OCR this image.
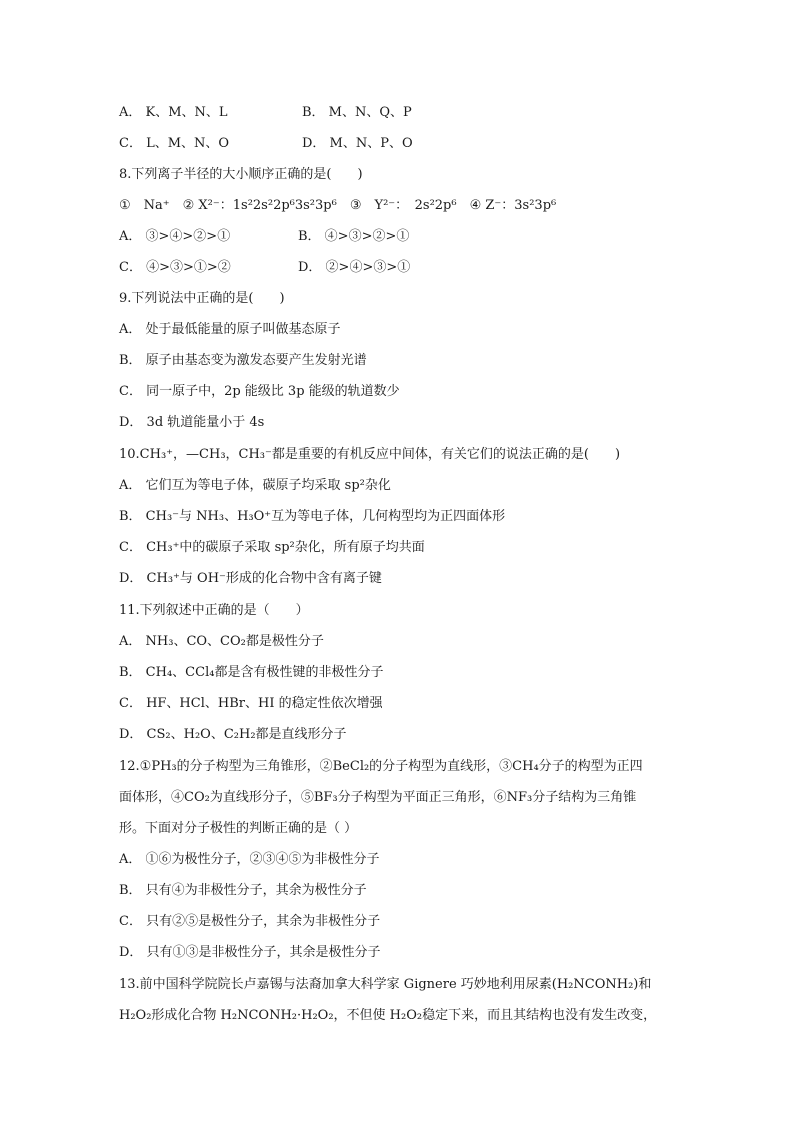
A． K、M、N、L	B． M、N、Q、P
C． L、M、N、O	D． M、N、P、O
8.下列离子半径的大小顺序正确的是(　　)
①　Na⁺　② X²⁻：1s²2s²2p⁶3s²3p⁶　③　Y²⁻：　2s²2p⁶　④ Z⁻：3s²3p⁶
A． ③>④>②>①	B． ④>③>②>①
C． ④>③>①>②	D． ②>④>③>①
9.下列说法中正确的是(　　)
A． 处于最低能量的原子叫做基态原子
B． 原子由基态变为激发态要产生发射光谱
C． 同一原子中，2p 能级比 3p 能级的轨道数少
D． 3d 轨道能量小于 4s
10.CH₃⁺，—CH₃，CH₃⁻都是重要的有机反应中间体，有关它们的说法正确的是(　　)
A． 它们互为等电子体，碳原子均采取 sp²杂化
B． CH₃⁻与 NH₃、H₃O⁺互为等电子体，几何构型均为正四面体形
C． CH₃⁺中的碳原子采取 sp²杂化，所有原子均共面
D． CH₃⁺与 OH⁻形成的化合物中含有离子键
11.下列叙述中正确的是（　　）
A． NH₃、CO、CO₂都是极性分子
B． CH₄、CCl₄都是含有极性键的非极性分子
C． HF、HCl、HBr、HI 的稳定性依次增强
D． CS₂、H₂O、C₂H₂都是直线形分子
12.①PH₃的分子构型为三角锥形，②BeCl₂的分子构型为直线形，③CH₄分子的构型为正四
面体形，④CO₂为直线形分子，⑤BF₃分子构型为平面正三角形，⑥NF₃分子结构为三角锥
形。下面对分子极性的判断正确的是（ ）
A． ①⑥为极性分子，②③④⑤为非极性分子
B． 只有④为非极性分子，其余为极性分子
C． 只有②⑤是极性分子，其余为非极性分子
D． 只有①③是非极性分子，其余是极性分子
13.前中国科学院院长卢嘉锡与法裔加拿大科学家 Gignere 巧妙地利用尿素(H₂NCONH₂)和
H₂O₂形成化合物 H₂NCONH₂·H₂O₂，不但使 H₂O₂稳定下来，而且其结构也没有发生改变，
